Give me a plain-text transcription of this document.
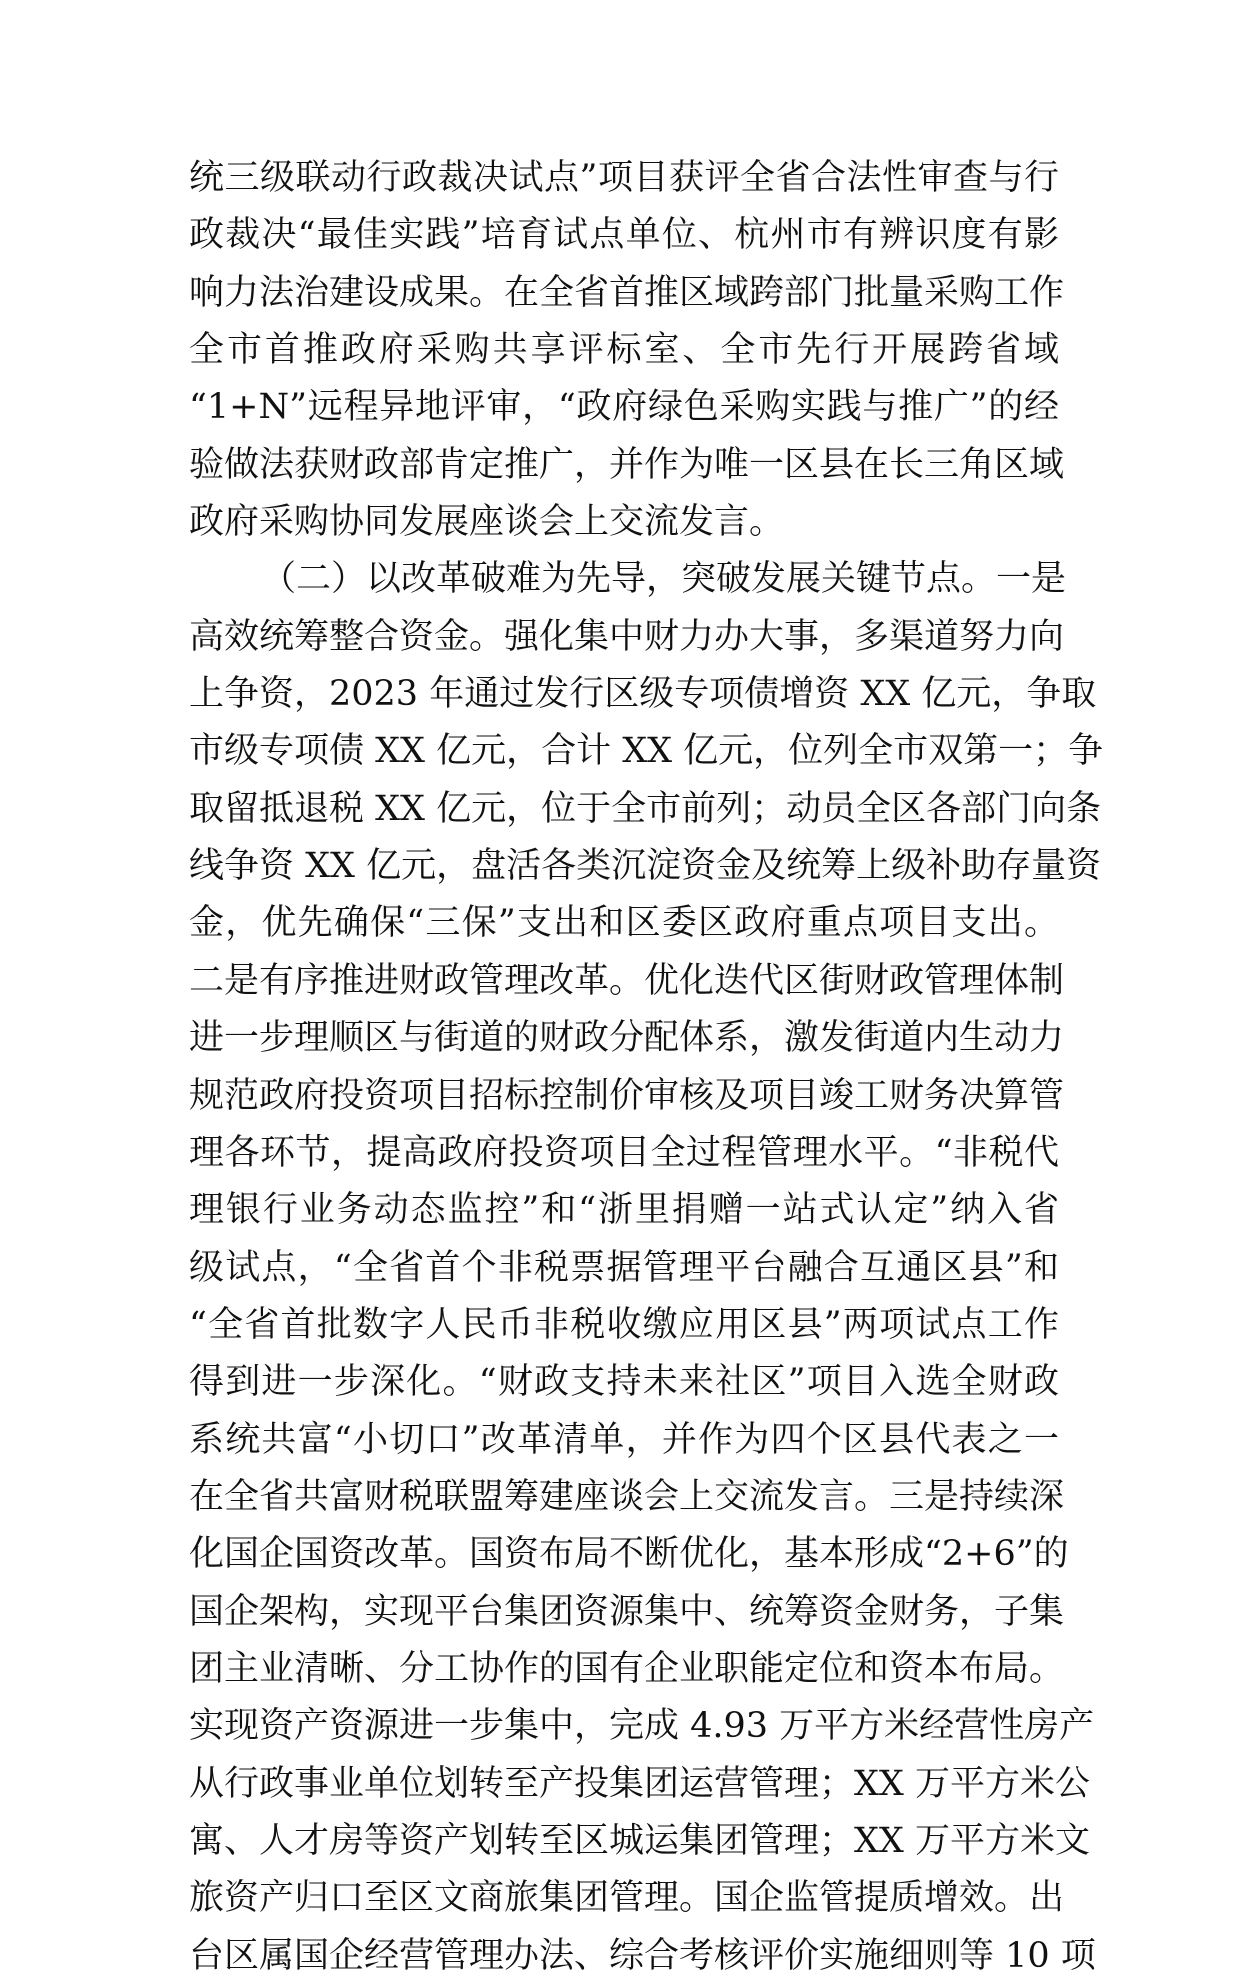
统三级联动行政裁决试点”项目获评全省合法性审查与行
政裁决“最佳实践”培育试点单位、杭州市有辨识度有影
响力法治建设成果。在全省首推区域跨部门批量采购工作
全市首推政府采购共享评标室、全市先行开展跨省域
“1+N”远程异地评审，“政府绿色采购实践与推广”的经
验做法获财政部肯定推广，并作为唯一区县在长三角区域
政府采购协同发展座谈会上交流发言。
（二）以改革破难为先导，突破发展关键节点。一是
高效统筹整合资金。强化集中财力办大事，多渠道努力向
上争资，2023 年通过发行区级专项债增资 XX 亿元，争取
市级专项债 XX 亿元，合计 XX 亿元，位列全市双第一；争
取留抵退税 XX 亿元，位于全市前列；动员全区各部门向条
线争资 XX 亿元，盘活各类沉淀资金及统筹上级补助存量资
金，优先确保“三保”支出和区委区政府重点项目支出。
二是有序推进财政管理改革。优化迭代区街财政管理体制
进一步理顺区与街道的财政分配体系，激发街道内生动力
规范政府投资项目招标控制价审核及项目竣工财务决算管
理各环节，提高政府投资项目全过程管理水平。“非税代
理银行业务动态监控”和“浙里捐赠一站式认定”纳入省
级试点，“全省首个非税票据管理平台融合互通区县”和
“全省首批数字人民币非税收缴应用区县”两项试点工作
得到进一步深化。“财政支持未来社区”项目入选全财政
系统共富“小切口”改革清单，并作为四个区县代表之一
在全省共富财税联盟筹建座谈会上交流发言。三是持续深
化国企国资改革。国资布局不断优化，基本形成“2+6”的
国企架构，实现平台集团资源集中、统筹资金财务，子集
团主业清晰、分工协作的国有企业职能定位和资本布局。
实现资产资源进一步集中，完成 4.93 万平方米经营性房产
从行政事业单位划转至产投集团运营管理；XX 万平方米公
寓、人才房等资产划转至区城运集团管理；XX 万平方米文
旅资产归口至区文商旅集团管理。国企监管提质增效。出
台区属国企经营管理办法、综合考核评价实施细则等 10 项
